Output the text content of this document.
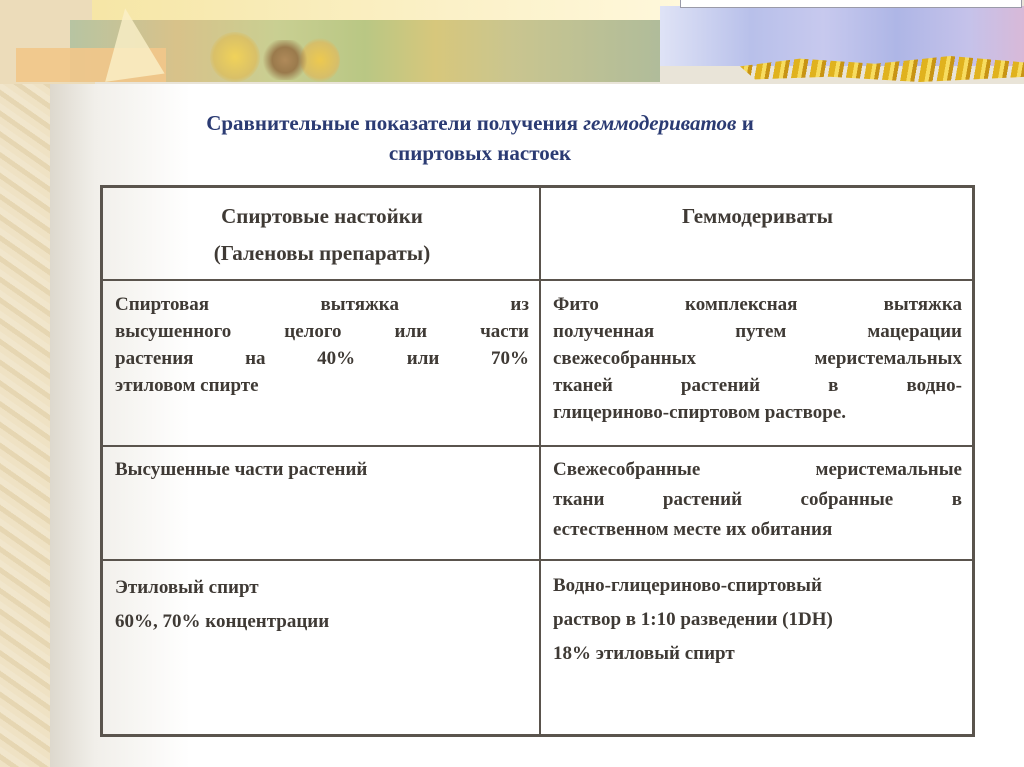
Сравнительные показатели получения геммодериватов и
спиртовых настоек
Спиртовые настойки
(Галеновы препараты)	Геммодериваты

Спиртовая вытяжка из
высушенного целого или части
растения на 40% или 70%
этиловом спирте	Фито комплексная вытяжка
полученная путем мацерации
свежесобранных меристемальных
тканей растений в водно-
глицериново-спиртовом растворе.

Высушенные части растений	Свежесобранные меристемальные
ткани растений собранные в
естественном месте их обитания

Этиловый спирт
60%, 70% концентрации	Водно-глицериново-спиртовый
раствор в 1:10 разведении (1DH)
18% этиловый спирт
